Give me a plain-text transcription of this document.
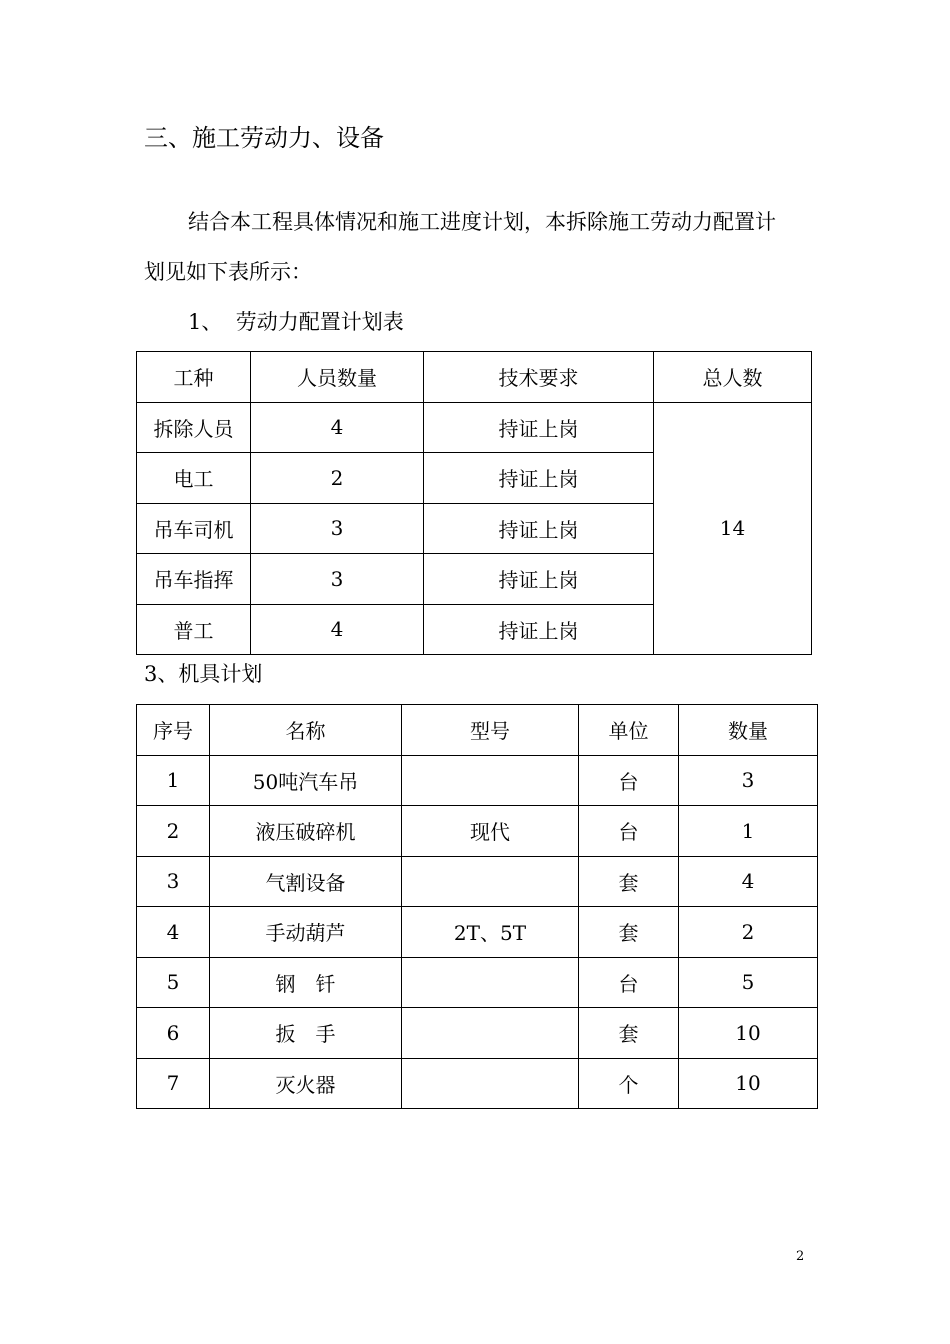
三、施工劳动力、设备
结合本工程具体情况和施工进度计划，本拆除施工劳动力配置计
划见如下表所示：
1、  劳动力配置计划表
工种	人员数量	技术要求	总人数
拆除人员	4	持证上岗	14
电工	2	持证上岗	
吊车司机	3	持证上岗	
吊车指挥	3	持证上岗	
普工	4	持证上岗	
3、机具计划
序号	名称	型号	单位	数量
1	50吨汽车吊		台	3
2	液压破碎机	现代	台	1
3	气割设备		套	4
4	手动葫芦	2T、5T	套	2
5	钢　钎		台	5
6	扳　手		套	10
7	灭火器		个	10
2
